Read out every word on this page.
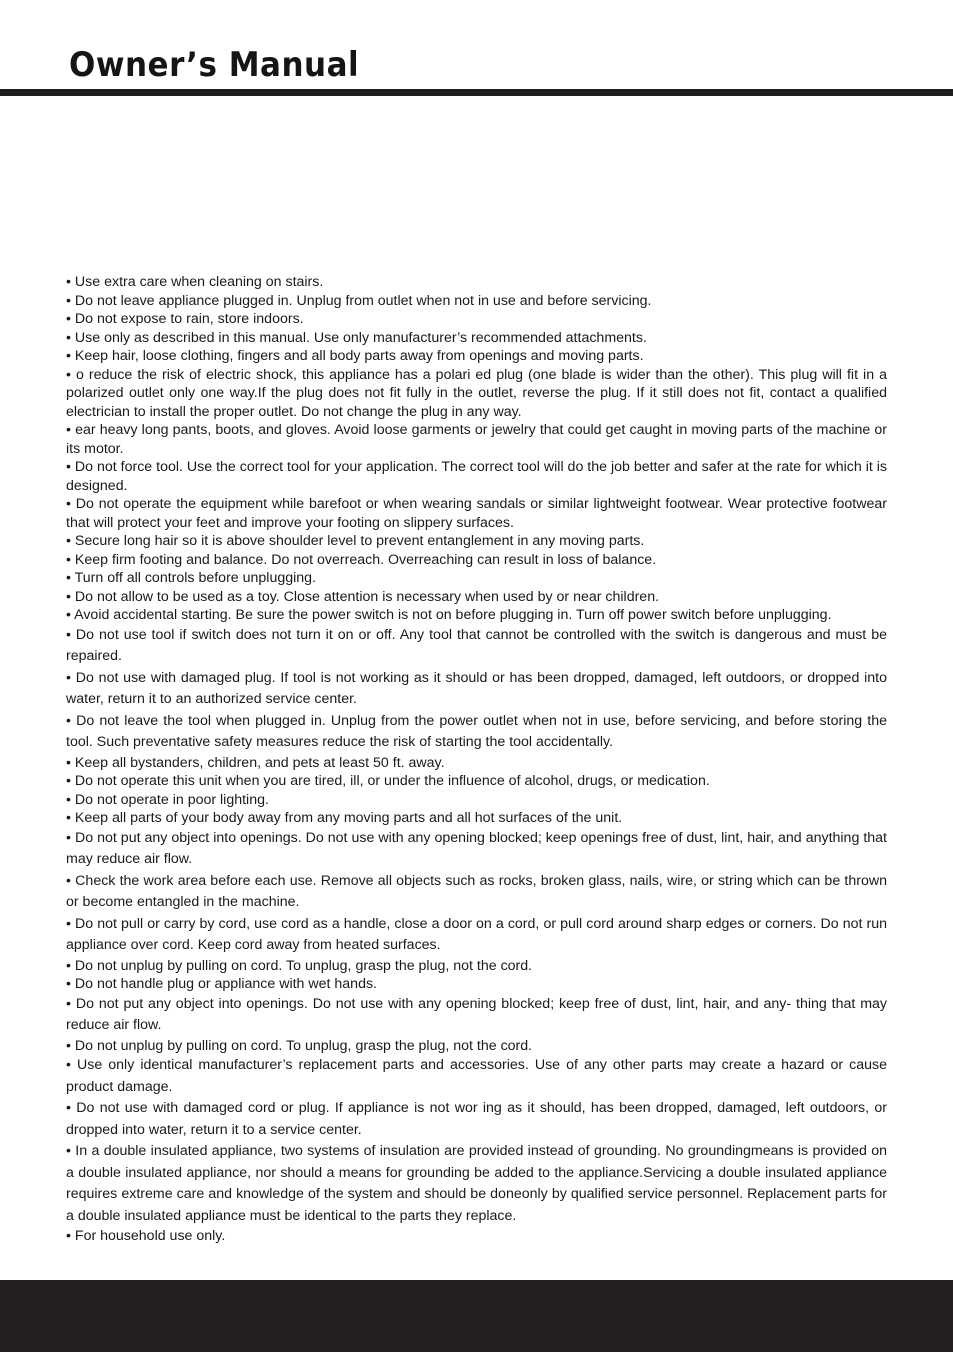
Owner’s Manual

• Use extra care when cleaning on stairs.

• Do not leave appliance plugged in. Unplug from outlet when not in use and before servicing.

• Do not expose to rain, store indoors.

• Use only as described in this manual. Use only manufacturer’s recommended attachments.

• Keep hair, loose clothing, fingers and all body parts away from openings and moving parts.

• o reduce the risk of electric shock, this appliance has a polari ed plug (one blade is wider than the other). This plug will fit in a polarized outlet only one way.If the plug does not fit fully in the outlet, reverse the plug. If it still does not fit, contact a qualified electrician to install the proper outlet. Do not change the plug in any way.

• ear heavy long pants, boots, and gloves. Avoid loose garments or jewelry that could get caught in moving parts of the machine or its motor.

• Do not force tool. Use the correct tool for your application. The correct tool will do the job better and safer at the rate for which it is designed.

• Do not operate the equipment while barefoot or when wearing sandals or similar lightweight footwear. Wear protective footwear that will protect your feet and improve your footing on slippery surfaces.

• Secure long hair so it is above shoulder level to prevent entanglement in any moving parts.

• Keep firm footing and balance. Do not overreach. Overreaching can result in loss of balance.

• Turn off all controls before unplugging.

• Do not allow to be used as a toy. Close attention is necessary when used by or near children.

• Avoid accidental starting. Be sure the power switch is not on before plugging in. Turn off power switch before unplugging.

• Do not use tool if switch does not turn it on or off. Any tool that cannot be controlled with the switch is dangerous and must be repaired.

• Do not use with damaged plug. If tool is not working as it should or has been dropped, damaged, left outdoors, or dropped into water, return it to an authorized service center.

• Do not leave the tool when plugged in. Unplug from the power outlet when not in use, before servicing, and before storing the tool. Such preventative safety measures reduce the risk of starting the tool accidentally.

• Keep all bystanders, children, and pets at least 50 ft. away.

• Do not operate this unit when you are tired, ill, or under the influence of alcohol, drugs, or medication.

• Do not operate in poor lighting.

• Keep all parts of your body away from any moving parts and all hot surfaces of the unit.

• Do not put any object into openings. Do not use with any opening blocked; keep openings free of dust, lint, hair, and anything that may reduce air flow.

• Check the work area before each use. Remove all objects such as rocks, broken glass, nails, wire, or string which can be thrown or become entangled in the machine.

• Do not pull or carry by cord, use cord as a handle, close a door on a cord, or pull cord around sharp edges or corners. Do not run appliance over cord. Keep cord away from heated surfaces.

• Do not unplug by pulling on cord. To unplug, grasp the plug, not the cord.

• Do not handle plug or appliance with wet hands.

• Do not put any object into openings. Do not use with any opening blocked; keep free of dust, lint, hair, and any- thing that may reduce air flow.

• Do not unplug by pulling on cord. To unplug, grasp the plug, not the cord.

• Use only identical manufacturer’s replacement parts and accessories. Use of any other parts may create a hazard or cause product damage.

• Do not use with damaged cord or plug. If appliance is not wor ing as it should, has been dropped, damaged, left outdoors, or dropped into water, return it to a service center.

• In a double insulated appliance, two systems of insulation are provided instead of grounding. No groundingmeans is provided on a double insulated appliance, nor should a means for grounding be added to the appliance.Servicing a double insulated appliance requires extreme care and knowledge of the system and should be doneonly by qualified service personnel. Replacement parts for a double insulated appliance must be identical to the parts they replace.

• For household use only.
